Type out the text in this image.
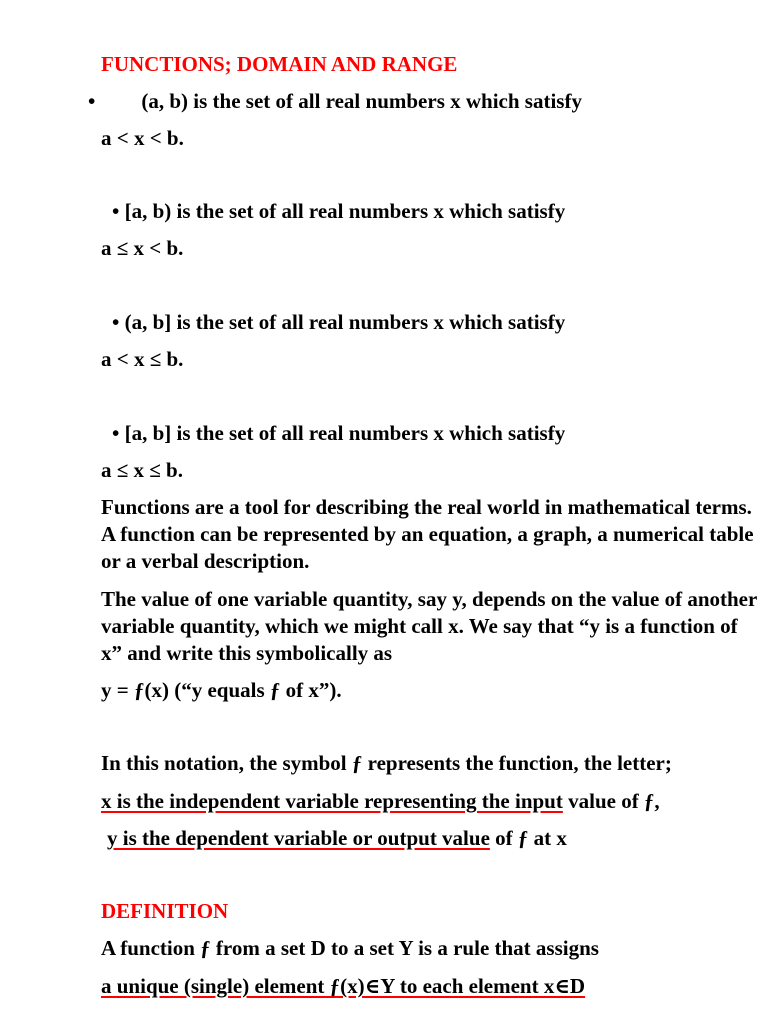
FUNCTIONS; DOMAIN AND RANGE
• (a, b) is the set of all real numbers x which satisfy
a < x < b.
• [a, b) is the set of all real numbers x which satisfy
a ≤ x < b.
• (a, b] is the set of all real numbers x which satisfy
a < x ≤ b.
• [a, b] is the set of all real numbers x which satisfy
a ≤ x ≤ b.
Functions are a tool for describing the real world in mathematical terms. A function can be represented by an equation, a graph, a numerical table or a verbal description.
The value of one variable quantity, say y, depends on the value of another variable quantity, which we might call x. We say that “y is a function of x” and write this symbolically as
y = ƒ(x) (“y equals ƒ of x”).
In this notation, the symbol ƒ represents the function, the letter;
x is the independent variable representing the input value of ƒ,
y is the dependent variable or output value of ƒ at x
DEFINITION
A function ƒ from a set D to a set Y is a rule that assigns
a unique (single) element ƒ(x)∈Y to each element x∈D
